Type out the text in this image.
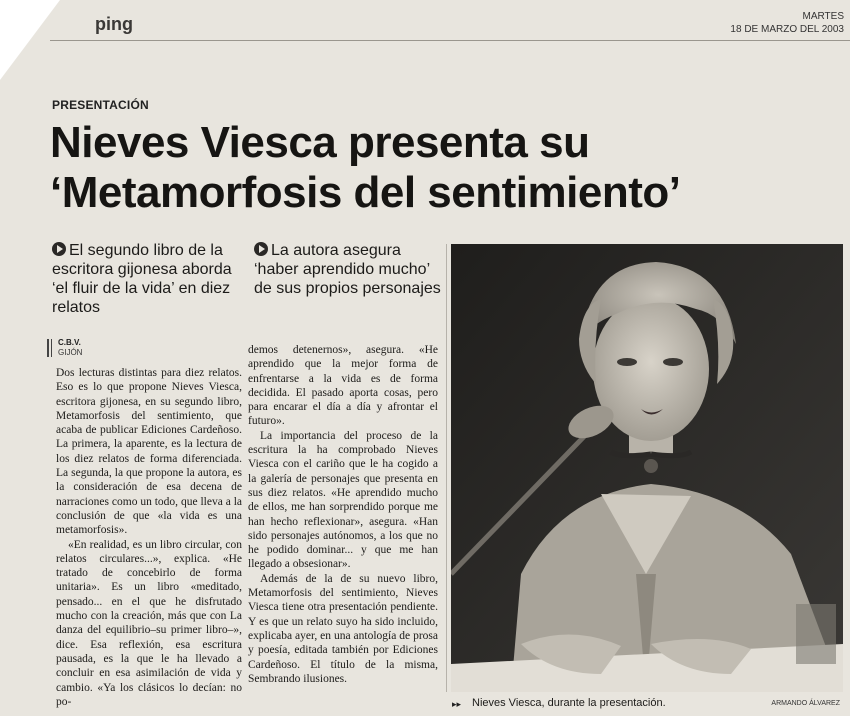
ping	MARTES
18 DE MARZO DEL 2003
PRESENTACIÓN
Nieves Viesca presenta su ‘Metamorfosis del sentimiento’
El segundo libro de la escritora gijonesa aborda ‘el fluir de la vida’ en diez relatos
La autora asegura ‘haber aprendido mucho’ de sus propios personajes
C.B.V.
GIJÓN

Dos lecturas distintas para diez relatos. Eso es lo que propone Nieves Viesca, escritora gijonesa, en su segundo libro, Metamorfosis del sentimiento, que acaba de publicar Ediciones Cardeñoso. La primera, la aparente, es la lectura de los diez relatos de forma diferenciada. La segunda, la que propone la autora, es la consideración de esa decena de narraciones como un todo, que lleva a la conclusión de que «la vida es una metamorfosis».

«En realidad, es un libro circular, con relatos circulares...», explica. «He tratado de concebirlo de forma unitaria». Es un libro «meditado, pensado... en el que he disfrutado mucho con la creación, más que con La danza del equilibrio–su primer libro–», dice. Esa reflexión, esa escritura pausada, es la que le ha llevado a concluir en esa asimilación de vida y cambio. «Ya los clásicos lo decían: no po-

demos detenernos», asegura. «He aprendido que la mejor forma de enfrentarse a la vida es de forma decidida. El pasado aporta cosas, pero para encarar el día a día y afrontar el futuro».

La importancia del proceso de la escritura la ha comprobado Nieves Viesca con el cariño que le ha cogido a la galería de personajes que presenta en sus diez relatos. «He aprendido mucho de ellos, me han sorprendido porque me han hecho reflexionar», asegura. «Han sido personajes autónomos, a los que no he podido dominar... y que me han llegado a obsesionar».

Además de la de su nuevo libro, Metamorfosis del sentimiento, Nieves Viesca tiene otra presentación pendiente. Y es que un relato suyo ha sido incluido, explicaba ayer, en una antología de prosa y poesía, editada también por Ediciones Cardeñoso. El título de la misma, Sembrando ilusiones.

▸▸ Nieves Viesca, durante la presentación.	ARMANDO ÁLVAREZ
